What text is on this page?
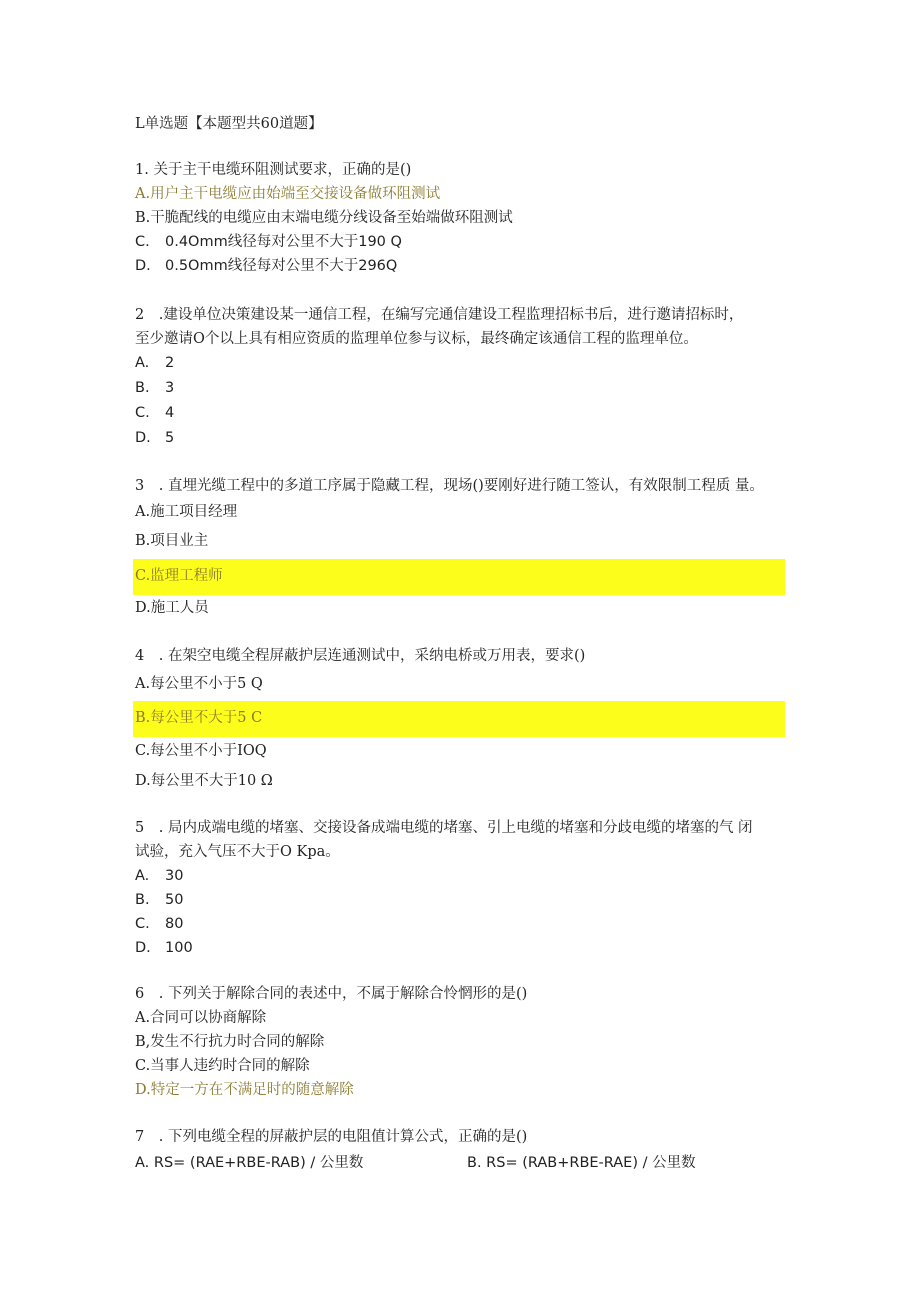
L单选题【本题型共60道题】
1. 关于主干电缆环阻测试要求，正确的是()
A.用户主干电缆应由始端至交接设备做环阻测试
B.干脆配线的电缆应由末端电缆分线设备至始端做环阻测试
C. 0.4Omm线径每对公里不大于190 Q
D. 0.5Omm线径每对公里不大于296Q
2　.建设单位决策建设某一通信工程，在编写完通信建设工程监理招标书后，进行邀请招标时，
至少邀请O个以上具有相应资质的监理单位参与议标，最终确定该通信工程的监理单位。
A. 2
B. 3
C. 4
D. 5
3　. 直埋光缆工程中的多道工序属于隐藏工程，现场()要刚好进行随工签认，有效限制工程质 量。
A.施工项目经理
B.项目业主
C.监理工程师
D.施工人员
4　. 在架空电缆全程屏蔽护层连通测试中，采纳电桥或万用表，要求()
A.每公里不小于5 Q
B.每公里不大于5 C
C.每公里不小于IOQ
D.每公里不大于10 Ω
5　. 局内成端电缆的堵塞、交接设备成端电缆的堵塞、引上电缆的堵塞和分歧电缆的堵塞的气 闭
试验，充入气压不大于O Kpa。
A. 30
B. 50
C. 80
D. 100
6　. 下列关于解除合同的表述中，不属于解除合怜惘形的是()
A.合同可以协商解除
B,发生不行抗力时合同的解除
C.当事人违约时合同的解除
D.特定一方在不满足时的随意解除
7　. 下列电缆全程的屏蔽护层的电阻值计算公式，正确的是()
A. RS= (RAE+RBE-RAB) / 公里数	B. RS= (RAB+RBE-RAE) / 公里数
